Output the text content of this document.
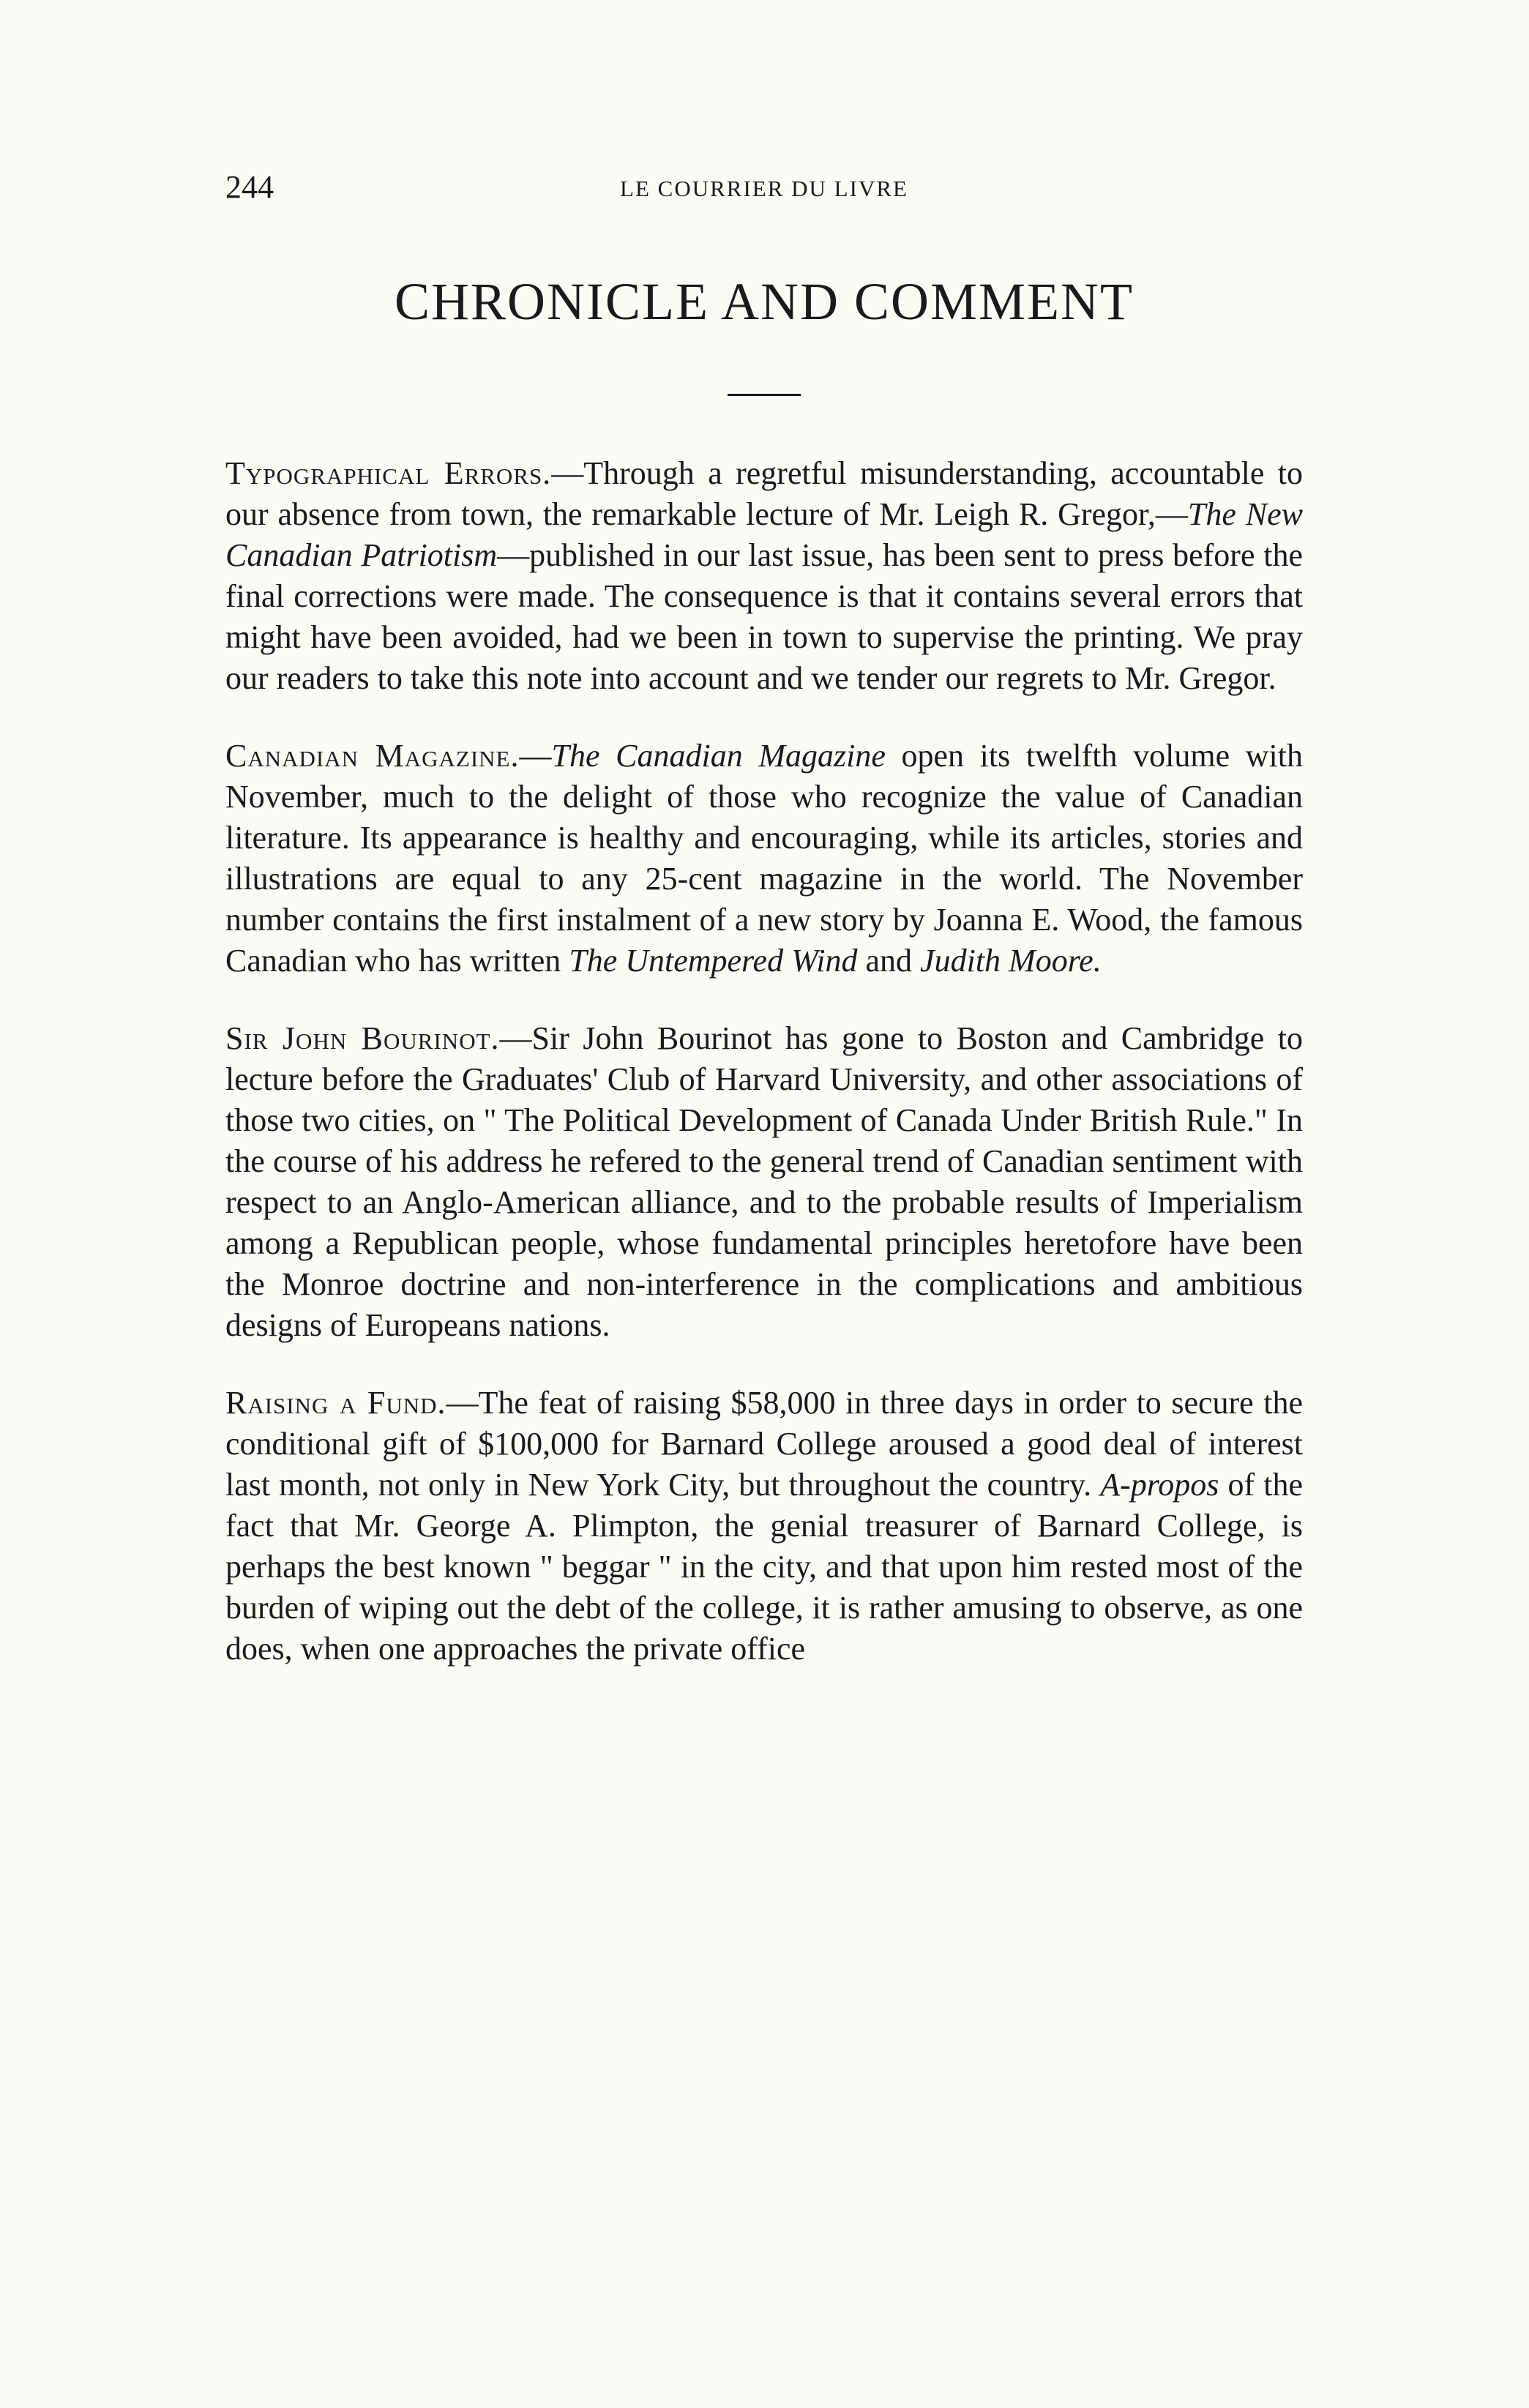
244	LE COURRIER DU LIVRE
CHRONICLE AND COMMENT

Typographical Errors.—Through a regretful misunderstanding, accountable to our absence from town, the remarkable lecture of Mr. Leigh R. Gregor,—The New Canadian Patriotism—published in our last issue, has been sent to press before the final corrections were made. The consequence is that it contains several errors that might have been avoided, had we been in town to supervise the printing. We pray our readers to take this note into account and we tender our regrets to Mr. Gregor.

Canadian Magazine.—The Canadian Magazine open its twelfth volume with November, much to the delight of those who recognize the value of Canadian literature. Its appearance is healthy and encouraging, while its articles, stories and illustrations are equal to any 25-cent magazine in the world. The November number contains the first instalment of a new story by Joanna E. Wood, the famous Canadian who has written The Untempered Wind and Judith Moore.

Sir John Bourinot.—Sir John Bourinot has gone to Boston and Cambridge to lecture before the Graduates' Club of Harvard University, and other associations of those two cities, on " The Political Development of Canada Under British Rule." In the course of his address he refered to the general trend of Canadian sentiment with respect to an Anglo-American alliance, and to the probable results of Imperialism among a Republican people, whose fundamental principles heretofore have been the Monroe doctrine and non-interference in the complications and ambitious designs of Europeans nations.

Raising a Fund.—The feat of raising $58,000 in three days in order to secure the conditional gift of $100,000 for Barnard College aroused a good deal of interest last month, not only in New York City, but throughout the country. A-propos of the fact that Mr. George A. Plimpton, the genial treasurer of Barnard College, is perhaps the best known " beggar " in the city, and that upon him rested most of the burden of wiping out the debt of the college, it is rather amusing to observe, as one does, when one approaches the private office
